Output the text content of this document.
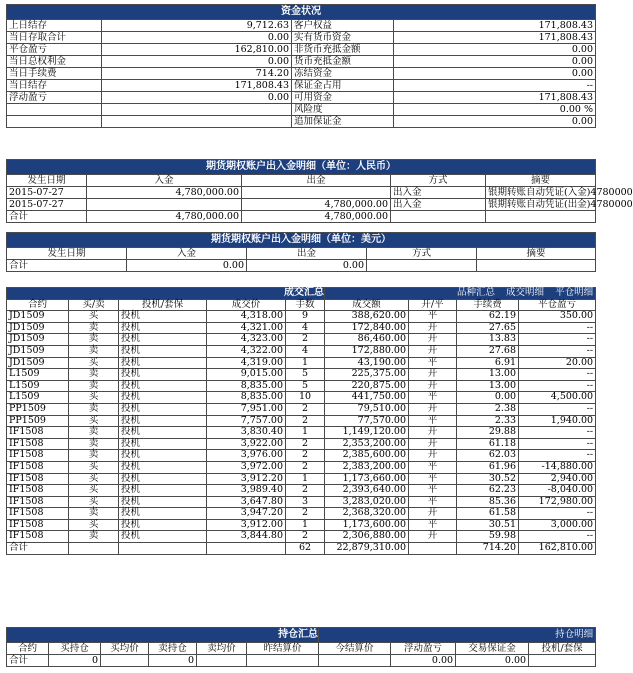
资金状况			
上日结存	9,712.63	客户权益	171,808.43
当日存取合计	0.00	实有货币资金	171,808.43
平仓盈亏	162,810.00	非货币充抵金额	0.00
当日总权利金	0.00	货币充抵金额	0.00
当日手续费	714.20	冻结资金	0.00
当日结存	171,808.43	保证金占用	--
浮动盈亏	0.00	可用资金	171,808.43
		风险度	0.00 %
		追加保证金	0.00
期货期权账户出入金明细（单位：人民币）				
发生日期	入金	出金	方式	摘要
2015-07-27	4,780,000.00		出入金	银期转账自动凭证(入金)4780000
2015-07-27		4,780,000.00	出入金	银期转账自动凭证(出金)4780000
合计	4,780,000.00	4,780,000.00		
期货期权账户出入金明细（单位：美元）				
发生日期	入金	出金	方式	摘要
合计	0.00	0.00		
成交汇总					品种汇总 成交明细 平仓明细			
合约	买/卖	投机/套保	成交价	手数	成交额	开/平	手续费	平仓盈亏
JD1509	买	投机	4,318.00	9	388,620.00	平	62.19	350.00
JD1509	卖	投机	4,321.00	4	172,840.00	开	27.65	--
JD1509	卖	投机	4,323.00	2	86,460.00	开	13.83	--
JD1509	卖	投机	4,322.00	4	172,880.00	开	27.68	--
JD1509	买	投机	4,319.00	1	43,190.00	平	6.91	20.00
L1509	卖	投机	9,015.00	5	225,375.00	开	13.00	--
L1509	卖	投机	8,835.00	5	220,875.00	开	13.00	--
L1509	买	投机	8,835.00	10	441,750.00	平	0.00	4,500.00
PP1509	卖	投机	7,951.00	2	79,510.00	开	2.38	--
PP1509	买	投机	7,757.00	2	77,570.00	平	2.33	1,940.00
IF1508	卖	投机	3,830.40	1	1,149,120.00	开	29.88	--
IF1508	卖	投机	3,922.00	2	2,353,200.00	开	61.18	--
IF1508	卖	投机	3,976.00	2	2,385,600.00	开	62.03	--
IF1508	买	投机	3,972.00	2	2,383,200.00	平	61.96	-14,880.00
IF1508	买	投机	3,912.20	1	1,173,660.00	平	30.52	2,940.00
IF1508	买	投机	3,989.40	2	2,393,640.00	平	62.23	-8,040.00
IF1508	买	投机	3,647.80	3	3,283,020.00	平	85.36	172,980.00
IF1508	卖	投机	3,947.20	2	2,368,320.00	开	61.58	--
IF1508	买	投机	3,912.00	1	1,173,600.00	平	30.51	3,000.00
IF1508	卖	投机	3,844.80	2	2,306,880.00	开	59.98	--
合计				62	22,879,310.00		714.20	162,810.00
持仓汇总						持仓明细			
合约	买持仓	买均价	卖持仓	卖均价	昨结算价	今结算价	浮动盈亏	交易保证金	投机/套保
合计	0		0				0.00	0.00	
